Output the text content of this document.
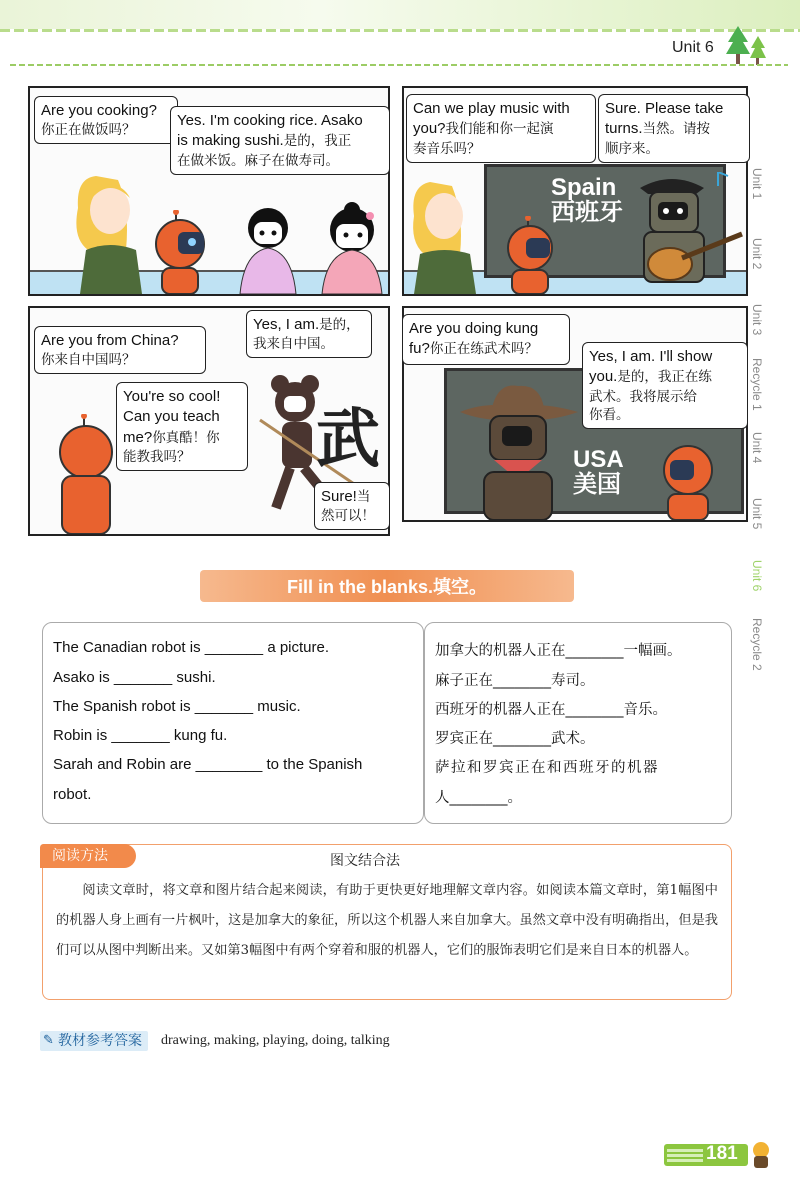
Unit 6
Unit 1
Unit 2
Unit 3
Recycle 1
Unit 4
Unit 5
Unit 6
Recycle 2
Are you cooking?
你正在做饭吗？
Yes. I'm cooking rice. Asako
is making sushi.是的，我正
在做米饭。麻子在做寿司。
Spain
西班牙
Can we play music with
you?我们能和你一起演
奏音乐吗？
Sure. Please take
turns.当然。请按
顺序来。
武
Are you from China?
你来自中国吗？
Yes, I am.是的，
我来自中国。
You're so cool!
Can you teach
me?你真酷！你
能教我吗？
Sure!当
然可以！
USA
美国
Are you doing kung
fu?你正在练武术吗？	Yes, I am. I'll show
you.是的，我正在练
武术。我将展示给
你看。
Fill in the blanks.填空。
The Canadian robot is _______ a picture.
Asako is _______ sushi.
The Spanish robot is _______ music.
Robin is _______ kung fu.
Sarah and Robin are ________ to the Spanish
robot.
加拿大的机器人正在________一幅画。
麻子正在________寿司。
西班牙的机器人正在________音乐。
罗宾正在________武术。
萨拉和罗宾正在和西班牙的机器
人________。
阅读方法	图文结合法
阅读文章时，将文章和图片结合起来阅读，有助于更快更好地理解文章内容。如阅读本篇文章时，第1幅图中的机器人身上画有一片枫叶，这是加拿大的象征，所以这个机器人来自加拿大。虽然文章中没有明确指出，但是我们可以从图中判断出来。又如第3幅图中有两个穿着和服的机器人，它们的服饰表明它们是来自日本的机器人。
✎ 教材参考答案	drawing, making, playing, doing, talking
181
